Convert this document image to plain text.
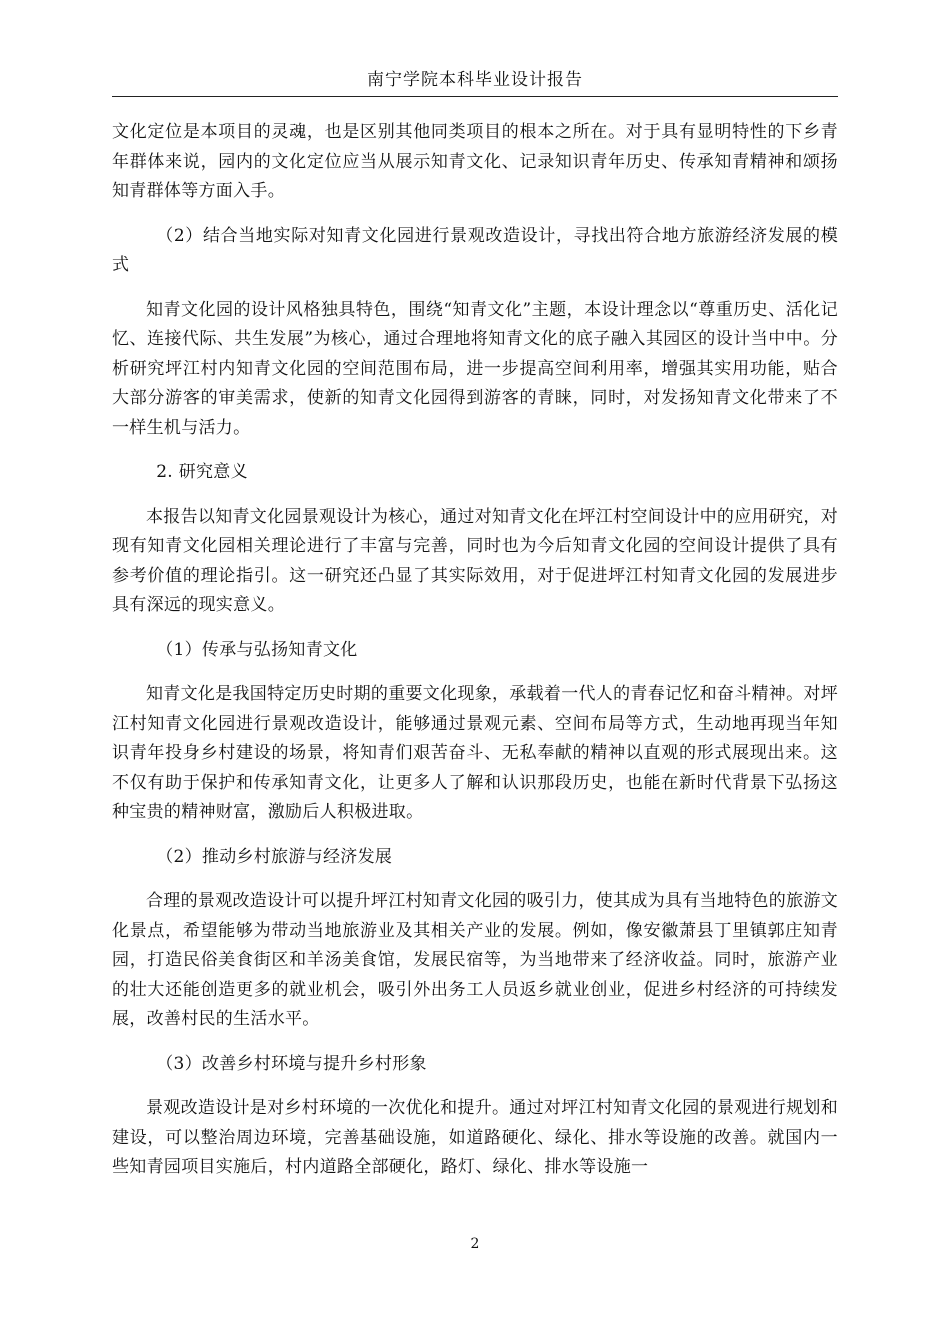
南宁学院本科毕业设计报告

文化定位是本项目的灵魂，也是区别其他同类项目的根本之所在。对于具有显明特性的下乡青年群体来说，园内的文化定位应当从展示知青文化、记录知识青年历史、传承知青精神和颂扬知青群体等方面入手。

（2）结合当地实际对知青文化园进行景观改造设计，寻找出符合地方旅游经济发展的模式

知青文化园的设计风格独具特色，围绕“知青文化”主题，本设计理念以“尊重历史、活化记忆、连接代际、共生发展”为核心，通过合理地将知青文化的底子融入其园区的设计当中中。分析研究坪江村内知青文化园的空间范围布局，进一步提高空间利用率，增强其实用功能，贴合大部分游客的审美需求，使新的知青文化园得到游客的青睐，同时，对发扬知青文化带来了不一样生机与活力。

2. 研究意义

本报告以知青文化园景观设计为核心，通过对知青文化在坪江村空间设计中的应用研究，对现有知青文化园相关理论进行了丰富与完善，同时也为今后知青文化园的空间设计提供了具有参考价值的理论指引。这一研究还凸显了其实际效用，对于促进坪江村知青文化园的发展进步具有深远的现实意义。

（1）传承与弘扬知青文化

知青文化是我国特定历史时期的重要文化现象，承载着一代人的青春记忆和奋斗精神。对坪江村知青文化园进行景观改造设计，能够通过景观元素、空间布局等方式，生动地再现当年知识青年投身乡村建设的场景，将知青们艰苦奋斗、无私奉献的精神以直观的形式展现出来。这不仅有助于保护和传承知青文化，让更多人了解和认识那段历史，也能在新时代背景下弘扬这种宝贵的精神财富，激励后人积极进取。

（2）推动乡村旅游与经济发展

合理的景观改造设计可以提升坪江村知青文化园的吸引力，使其成为具有当地特色的旅游文化景点，希望能够为带动当地旅游业及其相关产业的发展。例如，像安徽萧县丁里镇郭庄知青园，打造民俗美食街区和羊汤美食馆，发展民宿等，为当地带来了经济收益。同时，旅游产业的壮大还能创造更多的就业机会，吸引外出务工人员返乡就业创业，促进乡村经济的可持续发展，改善村民的生活水平。

（3）改善乡村环境与提升乡村形象

景观改造设计是对乡村环境的一次优化和提升。通过对坪江村知青文化园的景观进行规划和建设，可以整治周边环境，完善基础设施，如道路硬化、绿化、排水等设施的改善。就国内一些知青园项目实施后，村内道路全部硬化，路灯、绿化、排水等设施一

2
